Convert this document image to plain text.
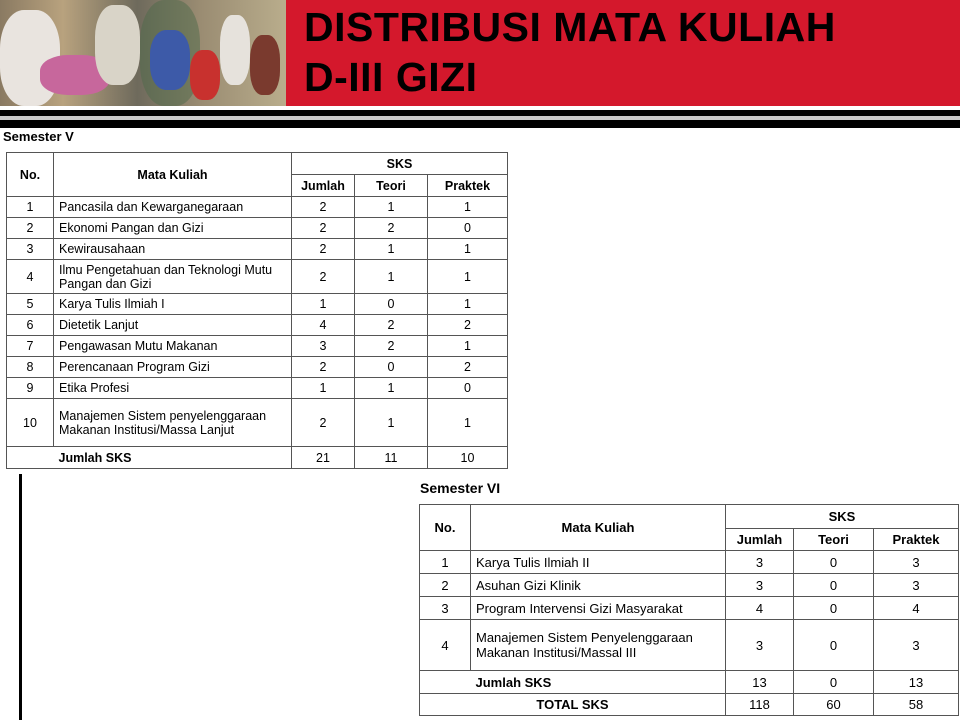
DISTRIBUSI MATA KULIAH
D-III GIZI
Semester V
No.	Mata Kuliah	SKS		
		Jumlah	Teori	Praktek
1	Pancasila dan Kewarganegaraan	2	1	1
2	Ekonomi Pangan dan Gizi	2	2	0
3	Kewirausahaan	2	1	1
4	Ilmu Pengetahuan dan Teknologi Mutu Pangan dan Gizi	2	1	1
5	Karya Tulis Ilmiah I	1	0	1
6	Dietetik Lanjut	4	2	2
7	Pengawasan Mutu Makanan	3	2	1
8	Perencanaan Program Gizi	2	0	2
9	Etika Profesi	1	1	0
10	Manajemen Sistem penyelenggaraan Makanan Institusi/Massa Lanjut	2	1	1
	Jumlah SKS	21	11	10
Semester VI
No.	Mata Kuliah	SKS		
		Jumlah	Teori	Praktek
1	Karya Tulis Ilmiah II	3	0	3
2	Asuhan Gizi Klinik	3	0	3
3	Program Intervensi Gizi Masyarakat	4	0	4
4	Manajemen Sistem Penyelenggaraan Makanan Institusi/Massal III	3	0	3
	Jumlah SKS	13	0	13
TOTAL SKS		118	60	58
